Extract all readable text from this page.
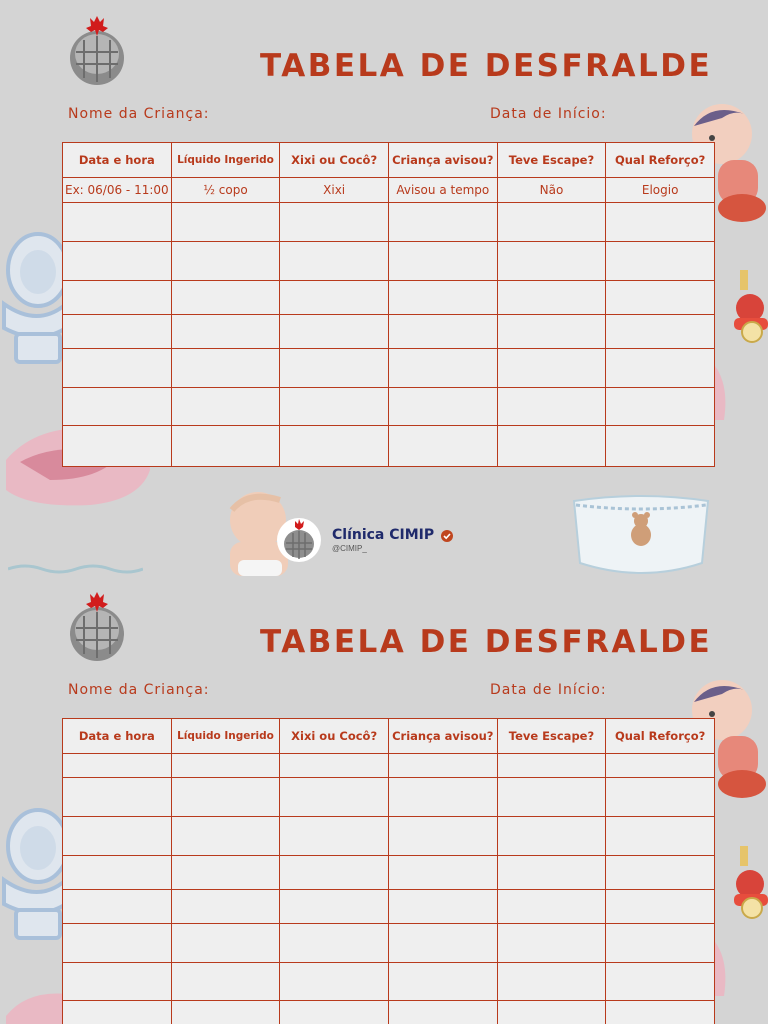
TABELA DE DESFRALDE
Nome da Criança:	Data de Início:
Data e hora	Líquido Ingerido	Xixi ou Cocô?	Criança avisou?	Teve Escape?	Qual Reforço?
Ex: 06/06 - 11:00	½ copo	Xixi	Avisou a tempo	Não	Elogio

Clínica CIMIP
@CIMIP_
TABELA DE DESFRALDE
Nome da Criança:	Data de Início:
Data e hora	Líquido Ingerido	Xixi ou Cocô?	Criança avisou?	Teve Escape?	Qual Reforço?
